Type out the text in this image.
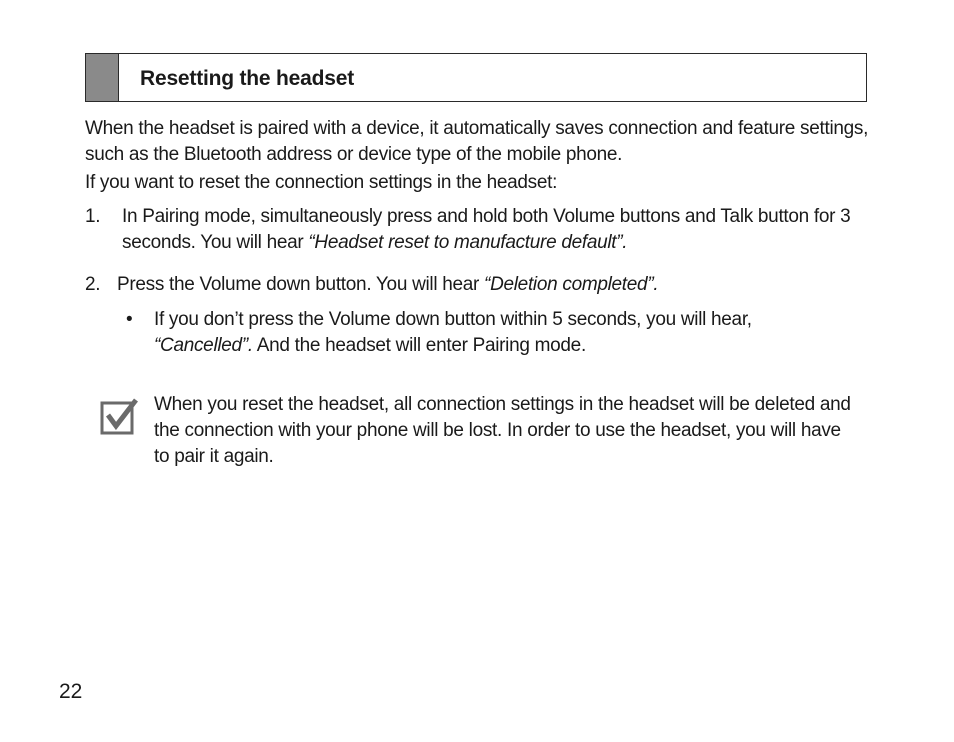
Resetting the headset
When the headset is paired with a device, it automatically saves connection and feature settings, such as the Bluetooth address or device type of the mobile phone.
If you want to reset the connection settings in the headset:
1.	In Pairing mode, simultaneously press and hold both Volume buttons and Talk button for 3 seconds. You will hear “Headset reset to manufacture default”.
2. Press the Volume down button. You will hear “Deletion completed”.
•	If you don’t press the Volume down button within 5 seconds, you will hear, “Cancelled”. And the headset will enter Pairing mode.
When you reset the headset, all connection settings in the headset will be deleted and the connection with your phone will be lost. In order to use the headset, you will have to pair it again.
22
